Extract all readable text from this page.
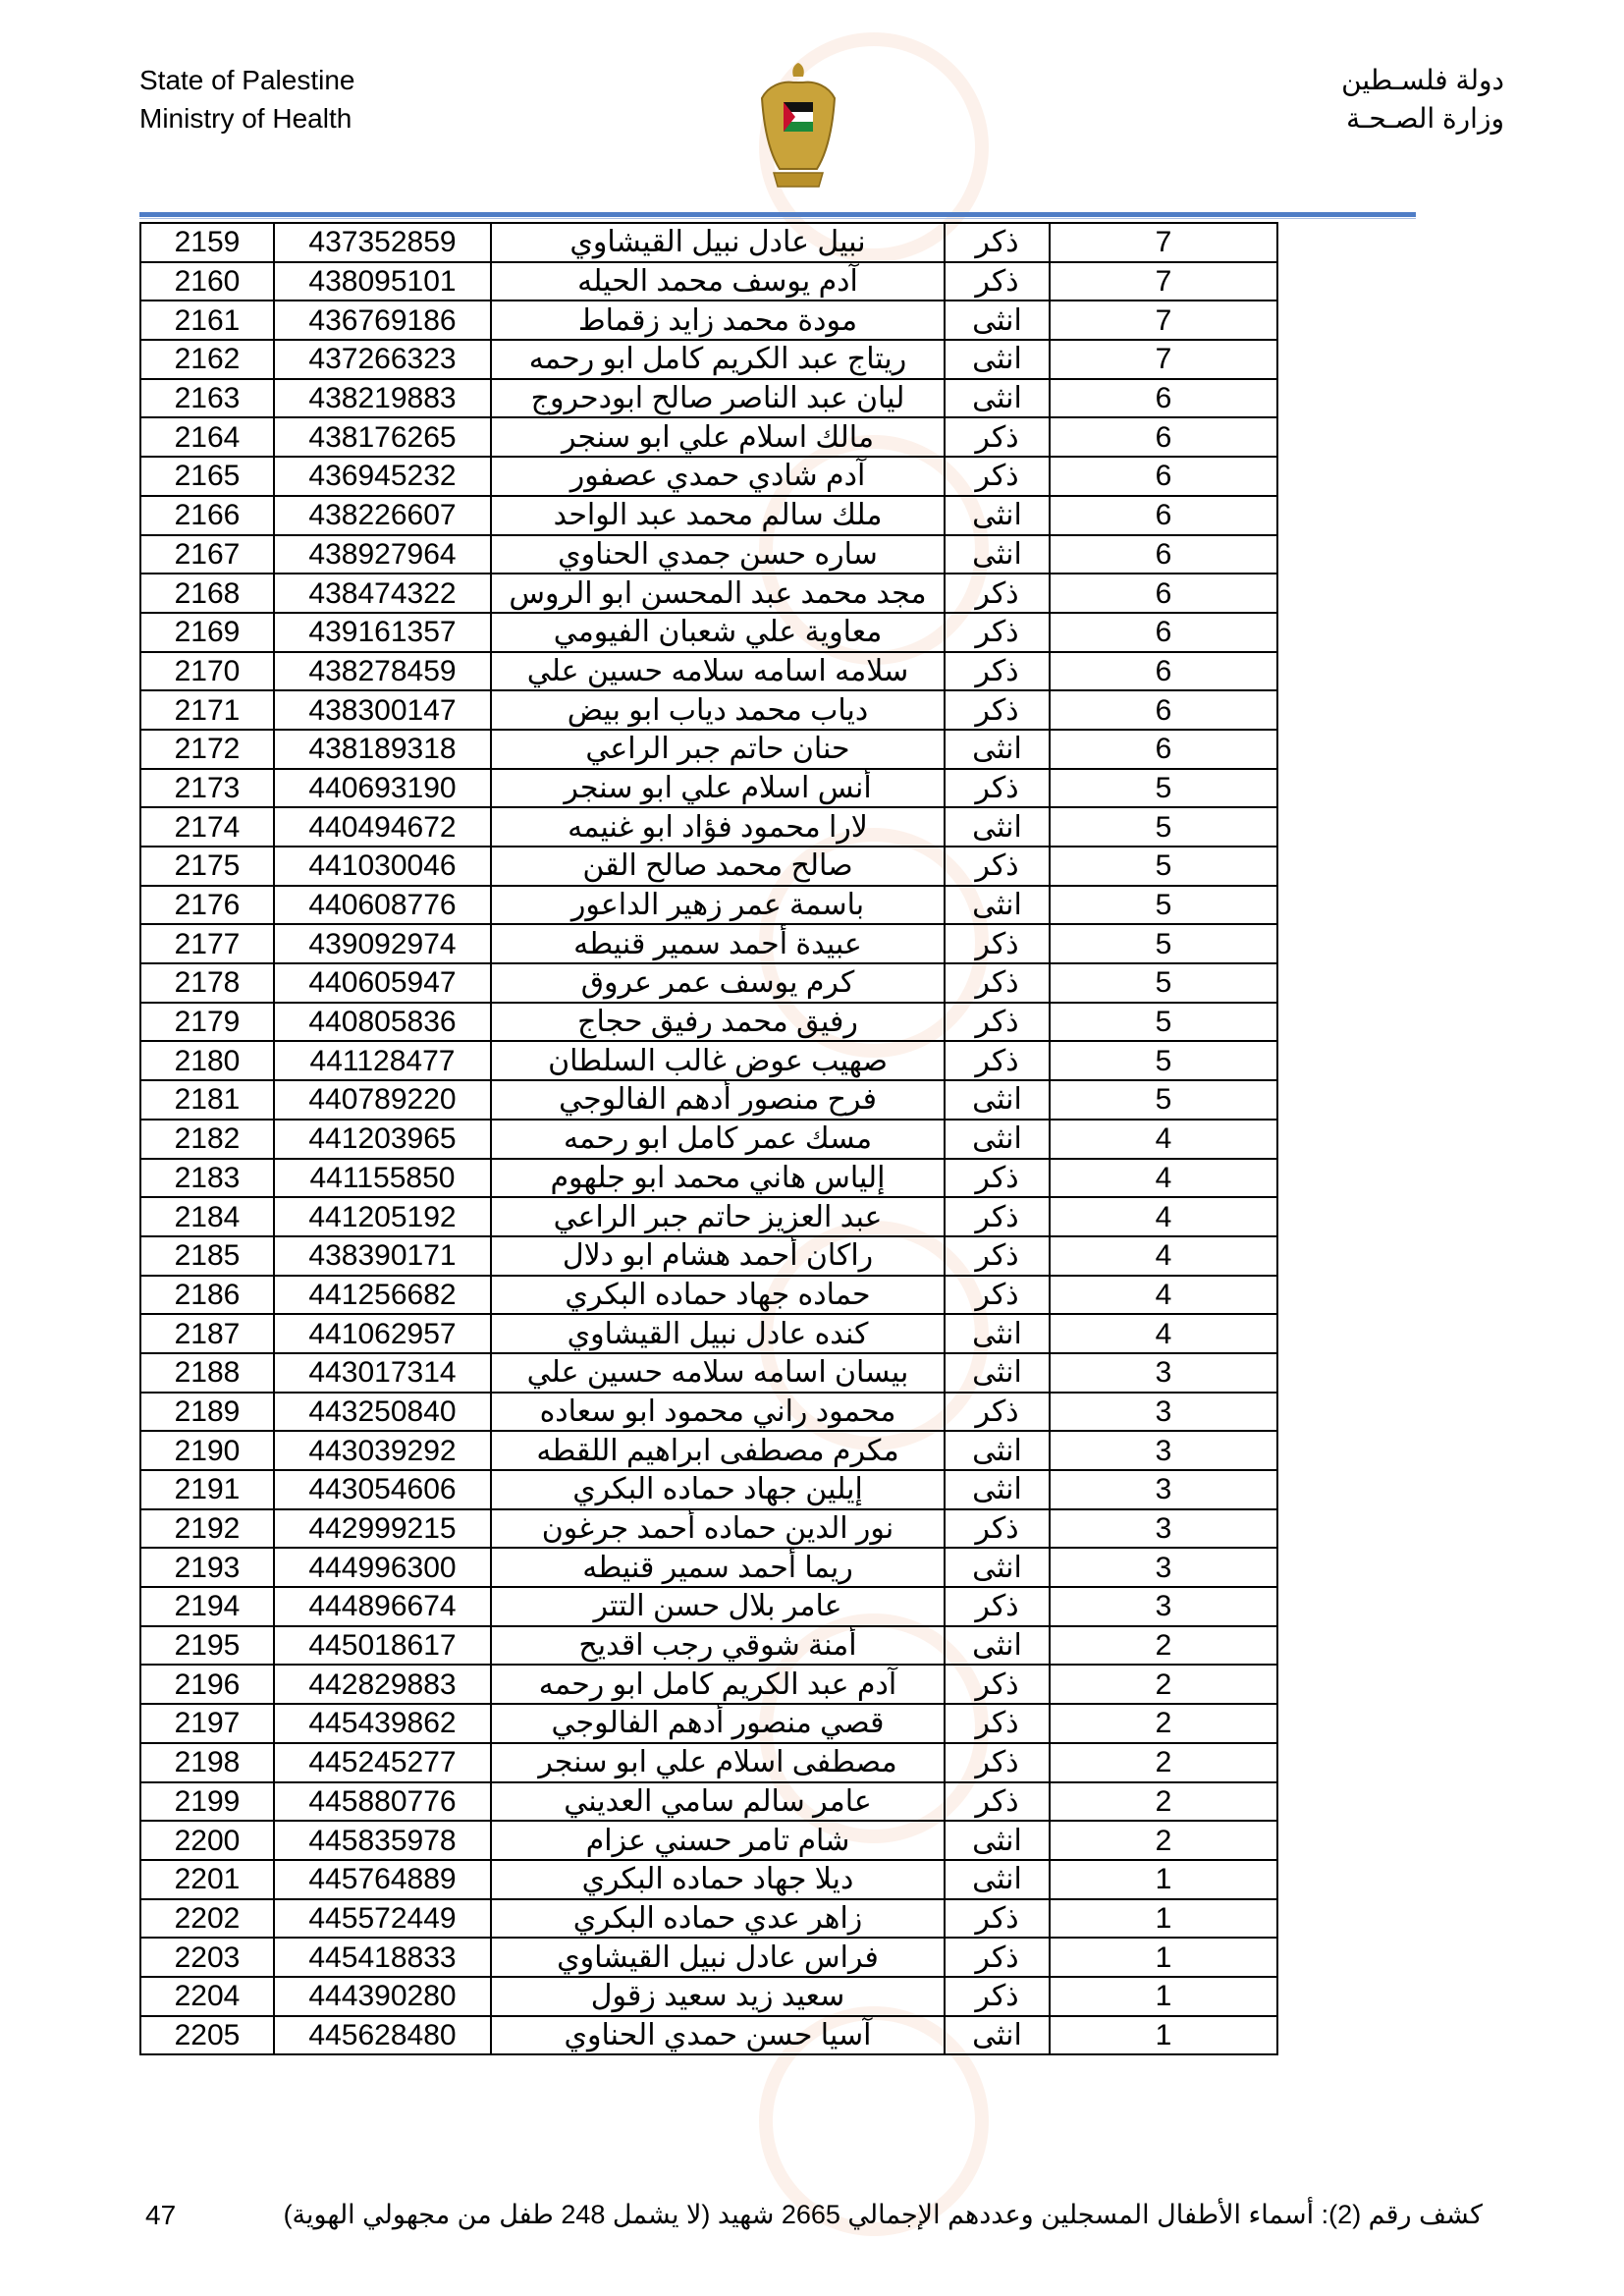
State of Palestine
Ministry of Health
دولة فلسـطين
وزارة الصـحـة
2159	437352859	نبيل عادل نبيل القيشاوي	ذكر	7
2160	438095101	آدم يوسف محمد الحيله	ذكر	7
2161	436769186	مودة محمد زايد زقماط	انثى	7
2162	437266323	ريتاج عبد الكريم كامل ابو رحمه	انثى	7
2163	438219883	ليان عبد الناصر صالح ابودحروج	انثى	6
2164	438176265	مالك اسلام علي ابو سنجر	ذكر	6
2165	436945232	آدم شادي حمدي عصفور	ذكر	6
2166	438226607	ملك سالم محمد عبد الواحد	انثى	6
2167	438927964	ساره حسن جمدي الحناوي	انثى	6
2168	438474322	مجد محمد عبد المحسن ابو الروس	ذكر	6
2169	439161357	معاوية علي شعبان الفيومي	ذكر	6
2170	438278459	سلامه اسامه سلامه حسين علي	ذكر	6
2171	438300147	دياب محمد دياب ابو بيض	ذكر	6
2172	438189318	حنان حاتم جبر الراعي	انثى	6
2173	440693190	أنس اسلام علي ابو سنجر	ذكر	5
2174	440494672	لارا محمود فؤاد ابو غنيمه	انثى	5
2175	441030046	صالح محمد صالح القن	ذكر	5
2176	440608776	باسمة عمر زهير الداعور	انثى	5
2177	439092974	عبيدة أحمد سمير قنيطه	ذكر	5
2178	440605947	كرم يوسف عمر عروق	ذكر	5
2179	440805836	رفيق محمد رفيق حجاج	ذكر	5
2180	441128477	صهيب عوض غالب السلطان	ذكر	5
2181	440789220	فرح منصور أدهم الفالوجي	انثى	5
2182	441203965	مسك عمر كامل ابو رحمه	انثى	4
2183	441155850	إلياس هاني محمد ابو جلهوم	ذكر	4
2184	441205192	عبد العزيز حاتم جبر الراعي	ذكر	4
2185	438390171	راكان أحمد هشام ابو دلال	ذكر	4
2186	441256682	حماده جهاد حماده البكري	ذكر	4
2187	441062957	كنده عادل نبيل القيشاوي	انثى	4
2188	443017314	بيسان اسامه سلامه حسين علي	انثى	3
2189	443250840	محمود راني محمود ابو سعاده	ذكر	3
2190	443039292	مكرم مصطفى ابراهيم اللقطه	انثى	3
2191	443054606	إيلين جهاد حماده البكري	انثى	3
2192	442999215	نور الدين حماده أحمد جرغون	ذكر	3
2193	444996300	ريما أحمد سمير قنيطه	انثى	3
2194	444896674	عامر بلال حسن التتر	ذكر	3
2195	445018617	أمنة شوقي رجب اقديح	انثى	2
2196	442829883	آدم عبد الكريم كامل ابو رحمه	ذكر	2
2197	445439862	قصي منصور أدهم الفالوجي	ذكر	2
2198	445245277	مصطفى اسلام علي ابو سنجر	ذكر	2
2199	445880776	عامر سالم سامي العديني	ذكر	2
2200	445835978	شام تامر حسني عزام	انثى	2
2201	445764889	ديلا جهاد حماده البكري	انثى	1
2202	445572449	زاهر عدي حماده البكري	ذكر	1
2203	445418833	فراس عادل نبيل القيشاوي	ذكر	1
2204	444390280	سعيد زيد سعيد زقول	ذكر	1
2205	445628480	آسيا حسن حمدي الحناوي	انثى	1
47	كشف رقم (2): أسماء الأطفال المسجلين وعددهم الإجمالي 2665 شهيد (لا يشمل 248 طفل من مجهولي الهوية)
